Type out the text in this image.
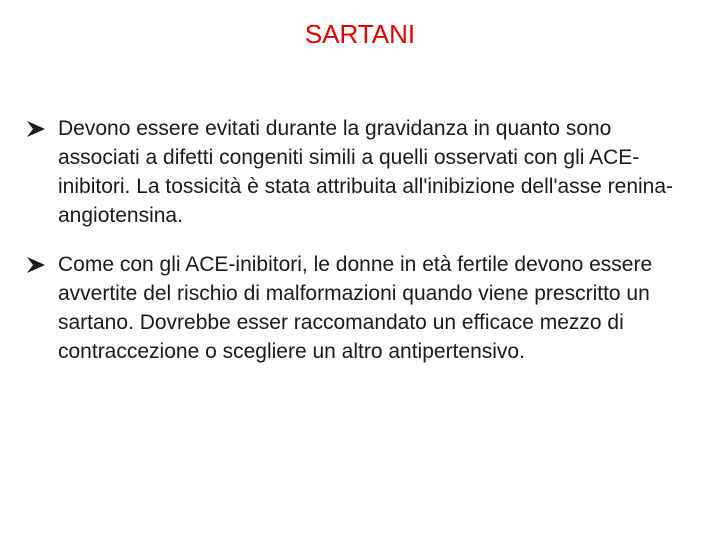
SARTANI
Devono essere evitati durante la gravidanza in quanto sono associati a difetti congeniti simili a quelli osservati con gli ACE-inibitori. La tossicità è stata attribuita all'inibizione dell'asse renina-angiotensina.
Come con gli ACE-inibitori, le donne in età fertile devono essere avvertite del rischio di malformazioni quando viene prescritto un sartano. Dovrebbe esser raccomandato un efficace mezzo di contraccezione o scegliere un altro antipertensivo.
